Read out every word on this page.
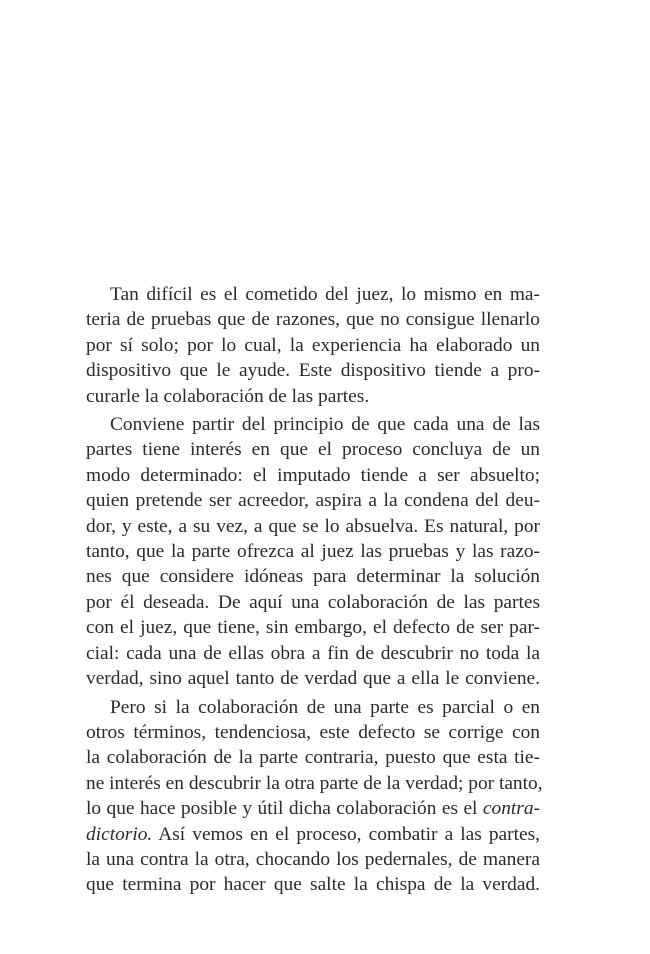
Tan difícil es el cometido del juez, lo mismo en ma-
teria de pruebas que de razones, que no consigue llenarlo
por sí solo; por lo cual, la experiencia ha elaborado un
dispositivo que le ayude. Este dispositivo tiende a pro-
curarle la colaboración de las partes.
Conviene partir del principio de que cada una de las
partes tiene interés en que el proceso concluya de un
modo determinado: el imputado tiende a ser absuelto;
quien pretende ser acreedor, aspira a la condena del deu-
dor, y este, a su vez, a que se lo absuelva. Es natural, por
tanto, que la parte ofrezca al juez las pruebas y las razo-
nes que considere idóneas para determinar la solución
por él deseada. De aquí una colaboración de las partes
con el juez, que tiene, sin embargo, el defecto de ser par-
cial: cada una de ellas obra a fin de descubrir no toda la
verdad, sino aquel tanto de verdad que a ella le conviene.
Pero si la colaboración de una parte es parcial o en
otros términos, tendenciosa, este defecto se corrige con
la colaboración de la parte contraria, puesto que esta tie-
ne interés en descubrir la otra parte de la verdad; por tanto,
lo que hace posible y útil dicha colaboración es el contra-
dictorio. Así vemos en el proceso, combatir a las partes,
la una contra la otra, chocando los pedernales, de manera
que termina por hacer que salte la chispa de la verdad.
